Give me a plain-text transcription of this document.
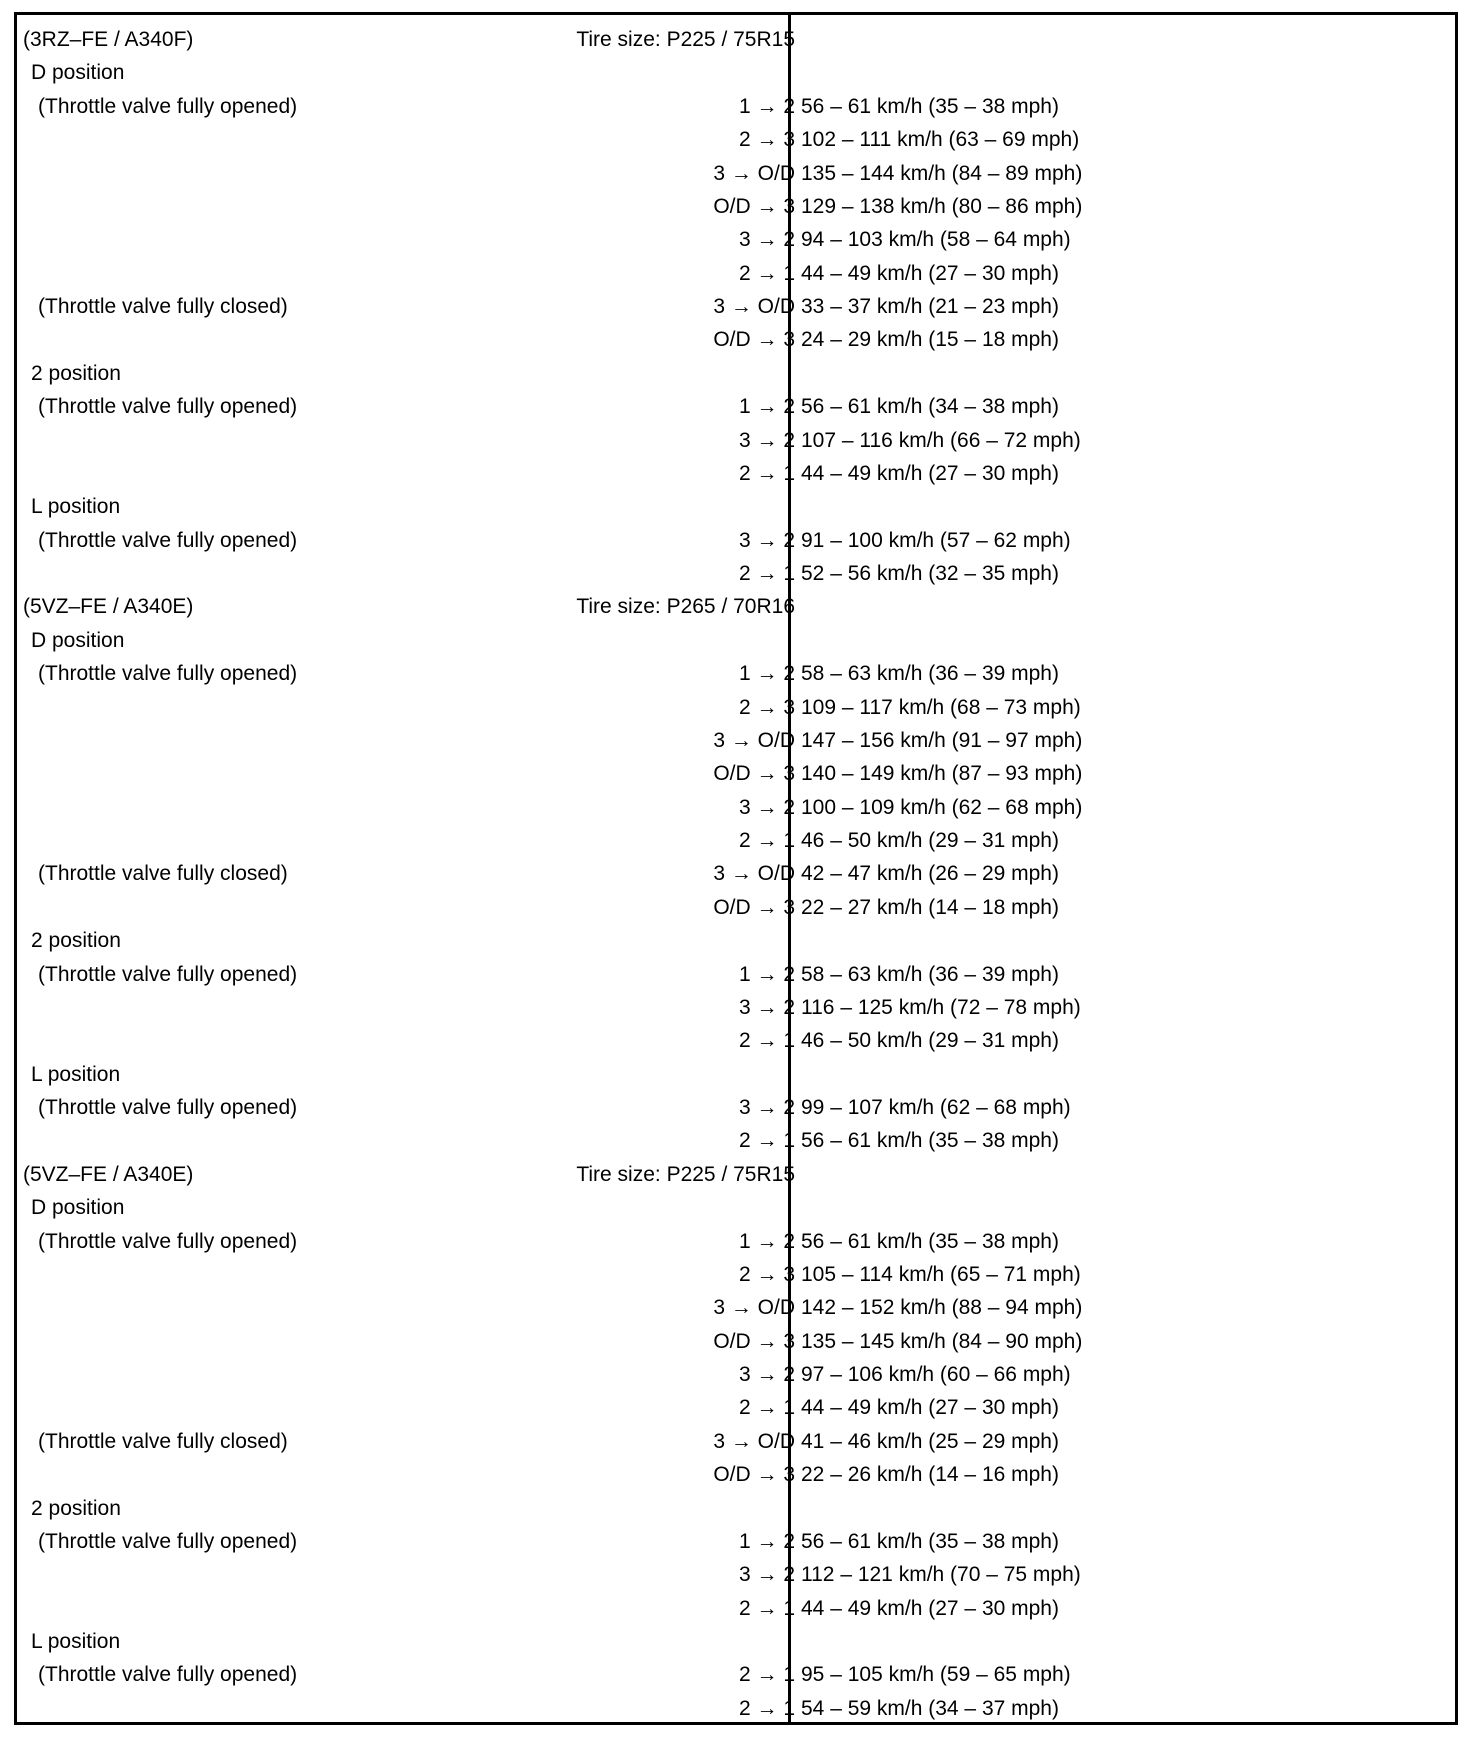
(3RZ–FE / A340F)	Tire size: P225 / 75R15
D position
(Throttle valve fully opened)	1 → 2 56 – 61 km/h (35 – 38 mph)
2 → 3 102 – 111 km/h (63 – 69 mph)
3 → O/D 135 – 144 km/h (84 – 89 mph)
O/D → 3 129 – 138 km/h (80 – 86 mph)
3 → 2 94 – 103 km/h (58 – 64 mph)
2 → 1 44 – 49 km/h (27 – 30 mph)
(Throttle valve fully closed)	3 → O/D 33 – 37 km/h (21 – 23 mph)
O/D → 3 24 – 29 km/h (15 – 18 mph)
2 position
(Throttle valve fully opened)	1 → 2 56 – 61 km/h (34 – 38 mph)
3 → 2 107 – 116 km/h (66 – 72 mph)
2 → 1 44 – 49 km/h (27 – 30 mph)
L position
(Throttle valve fully opened)	3 → 2 91 – 100 km/h (57 – 62 mph)
2 → 1 52 – 56 km/h (32 – 35 mph)
(5VZ–FE / A340E)	Tire size: P265 / 70R16
D position
(Throttle valve fully opened)	1 → 2 58 – 63 km/h (36 – 39 mph)
2 → 3 109 – 117 km/h (68 – 73 mph)
3 → O/D 147 – 156 km/h (91 – 97 mph)
O/D → 3 140 – 149 km/h (87 – 93 mph)
3 → 2 100 – 109 km/h (62 – 68 mph)
2 → 1 46 – 50 km/h (29 – 31 mph)
(Throttle valve fully closed)	3 → O/D 42 – 47 km/h (26 – 29 mph)
O/D → 3 22 – 27 km/h (14 – 18 mph)
2 position
(Throttle valve fully opened)	1 → 2 58 – 63 km/h (36 – 39 mph)
3 → 2 116 – 125 km/h (72 – 78 mph)
2 → 1 46 – 50 km/h (29 – 31 mph)
L position
(Throttle valve fully opened)	3 → 2 99 – 107 km/h (62 – 68 mph)
2 → 1 56 – 61 km/h (35 – 38 mph)
(5VZ–FE / A340E)	Tire size: P225 / 75R15
D position
(Throttle valve fully opened)	1 → 2 56 – 61 km/h (35 – 38 mph)
2 → 3 105 – 114 km/h (65 – 71 mph)
3 → O/D 142 – 152 km/h (88 – 94 mph)
O/D → 3 135 – 145 km/h (84 – 90 mph)
3 → 2 97 – 106 km/h (60 – 66 mph)
2 → 1 44 – 49 km/h (27 – 30 mph)
(Throttle valve fully closed)	3 → O/D 41 – 46 km/h (25 – 29 mph)
O/D → 3 22 – 26 km/h (14 – 16 mph)
2 position
(Throttle valve fully opened)	1 → 2 56 – 61 km/h (35 – 38 mph)
3 → 2 112 – 121 km/h (70 – 75 mph)
2 → 1 44 – 49 km/h (27 – 30 mph)
L position
(Throttle valve fully opened)	2 → 1 95 – 105 km/h (59 – 65 mph)
2 → 1 54 – 59 km/h (34 – 37 mph)
